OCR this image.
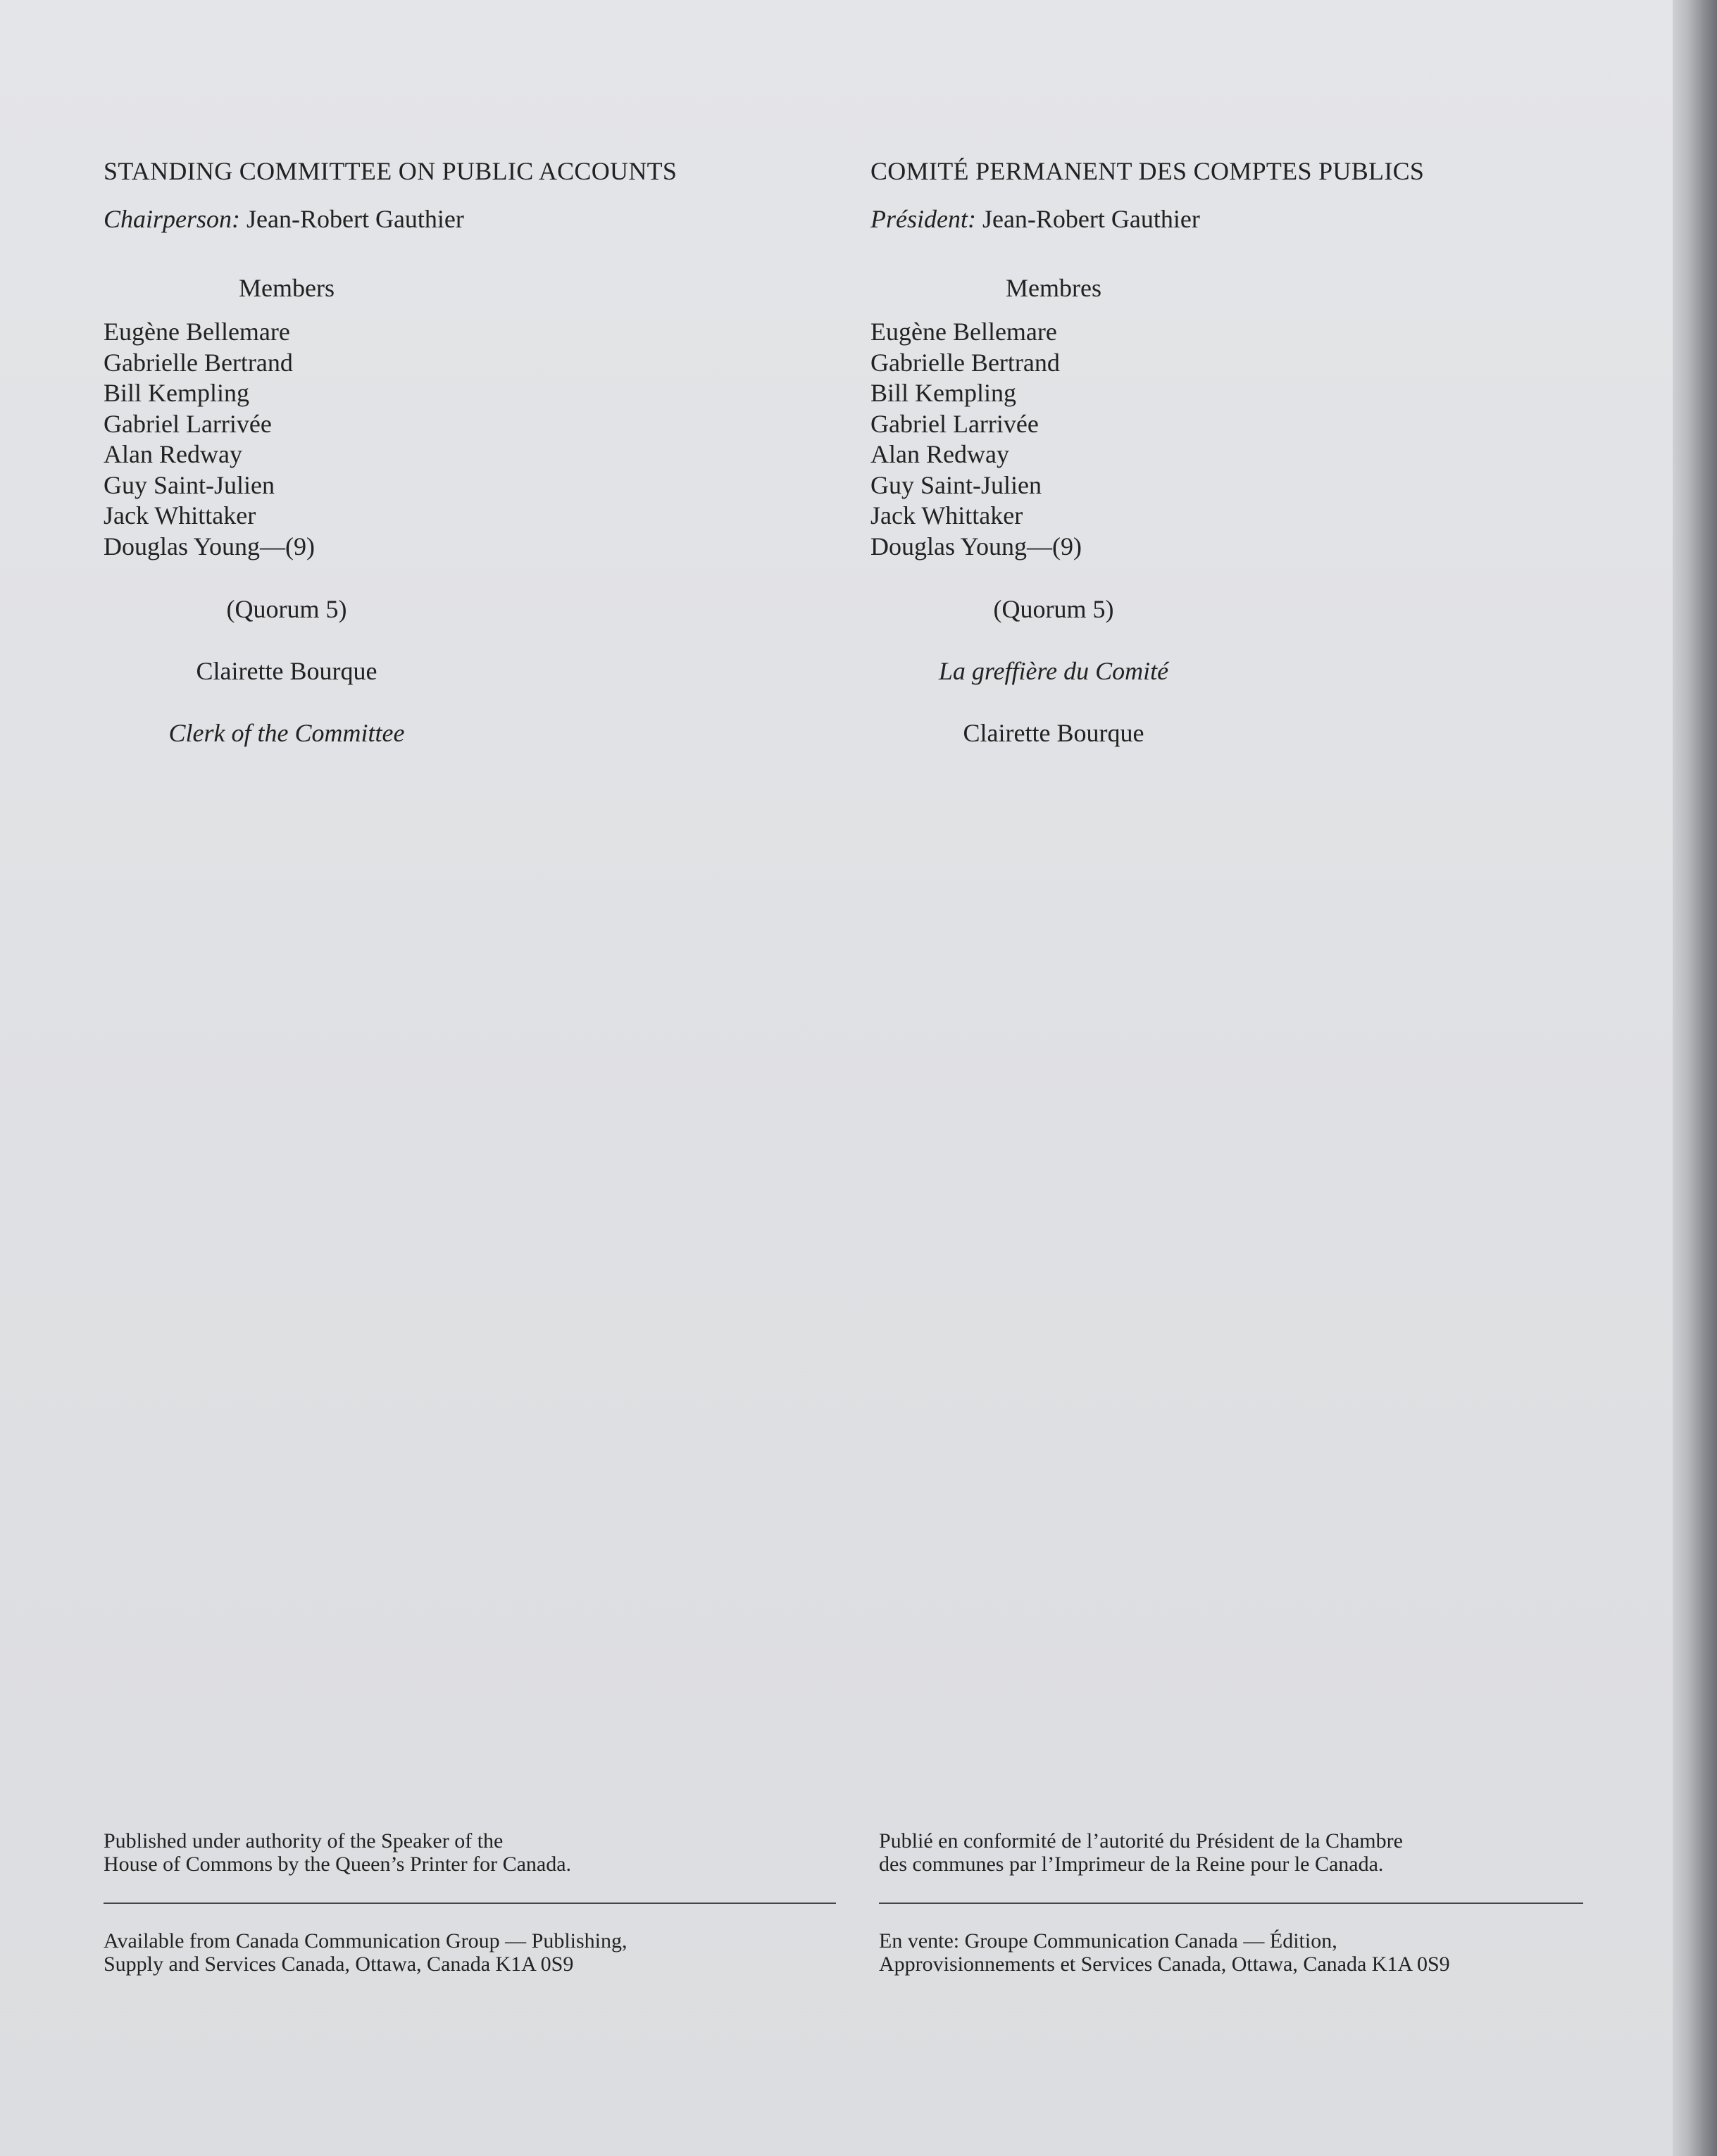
STANDING COMMITTEE ON PUBLIC ACCOUNTS
Chairperson: Jean-Robert Gauthier
Members
Eugène Bellemare
Gabrielle Bertrand
Bill Kempling
Gabriel Larrivée
Alan Redway
Guy Saint-Julien
Jack Whittaker
Douglas Young—(9)
(Quorum 5)
Clairette Bourque
Clerk of the Committee
COMITÉ PERMANENT DES COMPTES PUBLICS
Président: Jean-Robert Gauthier
Membres
Eugène Bellemare
Gabrielle Bertrand
Bill Kempling
Gabriel Larrivée
Alan Redway
Guy Saint-Julien
Jack Whittaker
Douglas Young—(9)
(Quorum 5)
La greffière du Comité
Clairette Bourque
Published under authority of the Speaker of the
House of Commons by the Queen’s Printer for Canada.
Available from Canada Communication Group — Publishing,
Supply and Services Canada, Ottawa, Canada K1A 0S9
Publié en conformité de l’autorité du Président de la Chambre
des communes par l’Imprimeur de la Reine pour le Canada.
En vente: Groupe Communication Canada — Édition,
Approvisionnements et Services Canada, Ottawa, Canada K1A 0S9
